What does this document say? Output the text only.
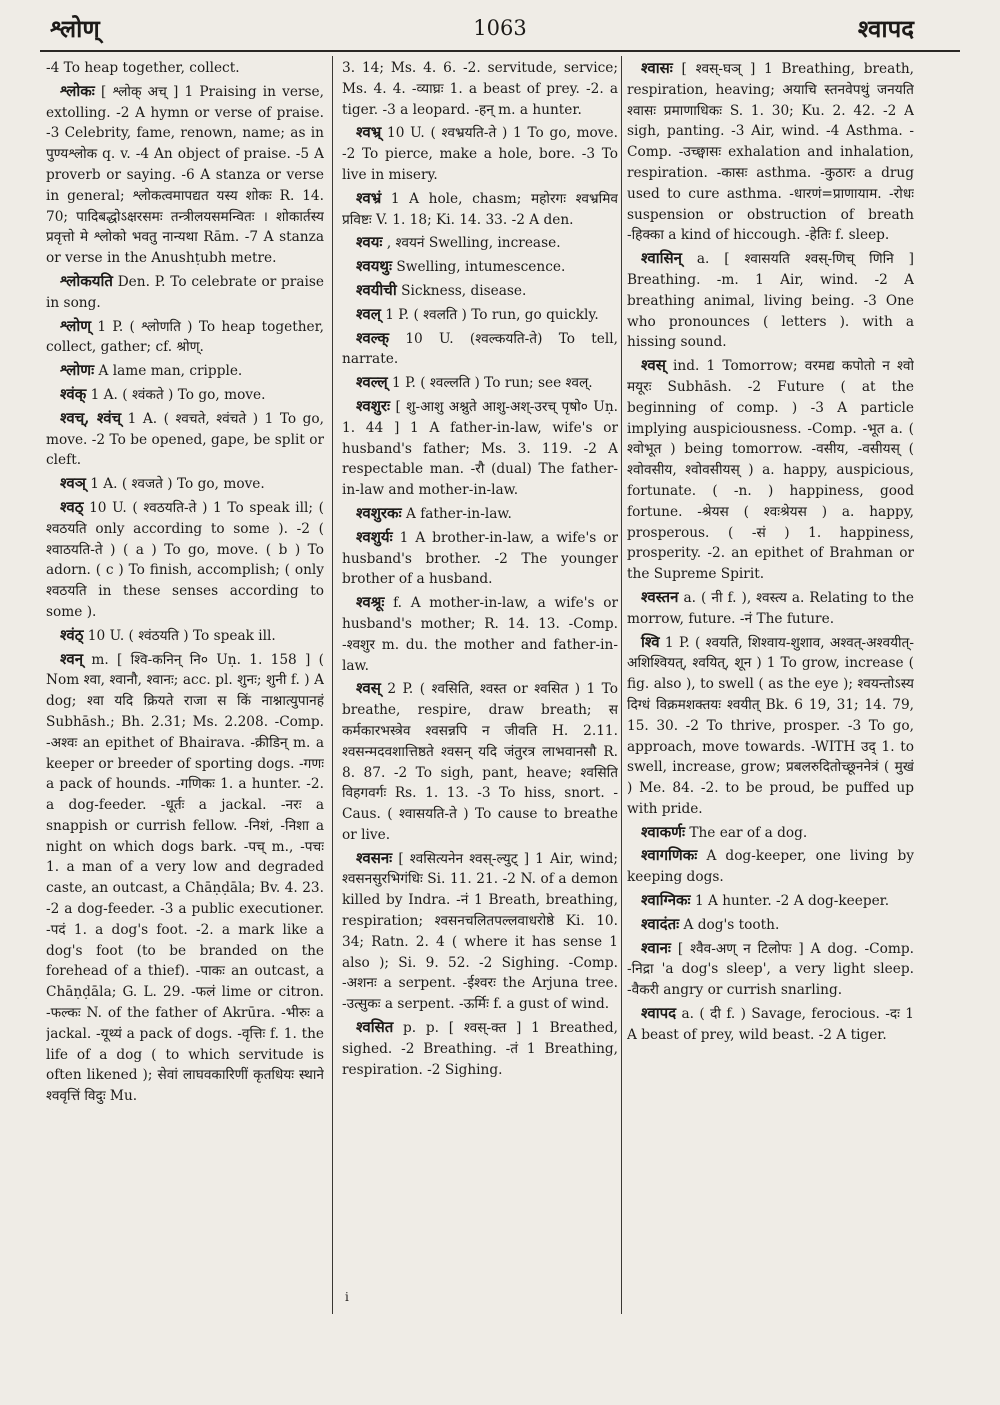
श्लोण्	1063	श्वापद
-4 To heap together, collect.
श्लोकः [ श्लोक् अच् ] 1 Praising in verse, extolling. -2 A hymn or verse of praise. -3 Celebrity, fame, renown, name; as in पुण्यश्लोक q. v. -4 An object of praise. -5 A proverb or saying. -6 A stanza or verse in general; श्लोकत्वमापद्यत यस्य शोकः R. 14. 70; पादिबद्धोऽक्षरसमः तन्त्रीलयसमन्वितः । शोकार्तस्य प्रवृत्तो मे श्लोको भवतु नान्यथा Rām. -7 A stanza or verse in the Anushṭubh metre.
श्लोकयति Den. P. To celebrate or praise in song.
श्लोण् 1 P. ( श्लोणति ) To heap together, collect, gather; cf. श्रोण्.
श्लोणः A lame man, cripple.
श्वंक् 1 A. ( श्वंकते ) To go, move.
श्वच्, श्वंच् 1 A. ( श्वचते, श्वंचते ) 1 To go, move. -2 To be opened, gape, be split or cleft.
श्वञ् 1 A. ( श्वजते ) To go, move.
श्वठ् 10 U. ( श्वठयति-ते ) 1 To speak ill; ( श्वठयति only according to some ). -2 ( श्वाठयति-ते ) ( a ) To go, move. ( b ) To adorn. ( c ) To finish, accomplish; ( only श्वठयति in these senses according to some ).
श्वंठ् 10 U. ( श्वंठयति ) To speak ill.
श्वन् m. [ श्वि-कनिन् नि० Uṇ. 1. 158 ] ( Nom श्वा, श्वानौ, श्वानः; acc. pl. शुनः; शुनी f. ) A dog; श्वा यदि क्रियते राजा स किं नाश्नात्युपानहं Subhāsh.; Bh. 2.31; Ms. 2.208. -Comp. -अश्वः an epithet of Bhairava. -क्रीडिन् m. a keeper or breeder of sporting dogs. -गणः a pack of hounds. -गणिकः 1. a hunter. -2. a dog-feeder. -धूर्तः a jackal. -नरः a snappish or currish fellow. -निशं, -निशा a night on which dogs bark. -पच् m., -पचः 1. a man of a very low and degraded caste, an outcast, a Chāṇḍāla; Bv. 4. 23. -2 a dog-feeder. -3 a public executioner. -पदं 1. a dog's foot. -2. a mark like a dog's foot (to be branded on the forehead of a thief). -पाकः an outcast, a Chāṇḍāla; G. L. 29. -फलं lime or citron. -फल्कः N. of the father of Akrūra. -भीरुः a jackal. -यूथ्यं a pack of dogs. -वृत्तिः f. 1. the life of a dog ( to which servitude is often likened ); सेवां लाघवकारिणीं कृतधियः स्थाने श्ववृत्तिं विदुः Mu.
3. 14; Ms. 4. 6. -2. servitude, service; Ms. 4. 4. -व्याघ्रः 1. a beast of prey. -2. a tiger. -3 a leopard. -हन् m. a hunter.
श्वभ्र् 10 U. ( श्वभ्रयति-ते ) 1 To go, move. -2 To pierce, make a hole, bore. -3 To live in misery.
श्वभ्रं 1 A hole, chasm; महोरगः श्वभ्रमिव प्रविष्टः V. 1. 18; Ki. 14. 33. -2 A den.
श्वयः , श्वयनं Swelling, increase.
श्वयथुः Swelling, intumescence.
श्वयीची Sickness, disease.
श्वल् 1 P. ( श्वलति ) To run, go quickly.
श्वल्क् 10 U. (श्वल्कयति-ते) To tell, narrate.
श्वल्ल् 1 P. ( श्वल्लति ) To run; see श्वल्.
श्वशुरः [ शु-आशु अश्नुते आशु-अश्-उरच् पृषो० Uṇ. 1. 44 ] 1 A father-in-law, wife's or husband's father; Ms. 3. 119. -2 A respectable man. -रौ (dual) The father-in-law and mother-in-law.
श्वशुरकः A father-in-law.
श्वशुर्यः 1 A brother-in-law, a wife's or husband's brother. -2 The younger brother of a husband.
श्वश्रूः f. A mother-in-law, a wife's or husband's mother; R. 14. 13. -Comp. -श्वशुर m. du. the mother and father-in-law.
श्वस् 2 P. ( श्वसिति, श्वस्त or श्वसित ) 1 To breathe, respire, draw breath; स कर्मकारभस्त्रेव श्वसन्नपि न जीवति H. 2.11. श्वसन्मदवशात्तिष्ठते श्वसन् यदि जंतुरत्र लाभवानसौ R. 8. 87. -2 To sigh, pant, heave; श्वसिति विहगवर्गः Rs. 1. 13. -3 To hiss, snort. -Caus. ( श्वासयति-ते ) To cause to breathe or live.
श्वसनः [ श्वसित्यनेन श्वस्-ल्युट् ] 1 Air, wind; श्वसनसुरभिगंधिः Si. 11. 21. -2 N. of a demon killed by Indra. -नं 1 Breath, breathing, respiration; श्वसनचलितपल्लवाधरोष्ठे Ki. 10. 34; Ratn. 2. 4 ( where it has sense 1 also ); Si. 9. 52. -2 Sighing. -Comp. -अशनः a serpent. -ईश्वरः the Arjuna tree. -उत्सुकः a serpent. -ऊर्मिः f. a gust of wind.
श्वसित p. p. [ श्वस्-क्त ] 1 Breathed, sighed. -2 Breathing. -तं 1 Breathing, respiration. -2 Sighing.
श्वासः [ श्वस्-घञ् ] 1 Breathing, breath, respiration, heaving; अयाचि स्तनवेपथुं जनयति श्वासः प्रमाणाधिकः S. 1. 30; Ku. 2. 42. -2 A sigh, panting. -3 Air, wind. -4 Asthma. -Comp. -उच्छ्वासः exhalation and inhalation, respiration. -कासः asthma. -कुठारः a drug used to cure asthma. -धारणं=प्राणायाम. -रोधः suspension or obstruction of breath -हिक्का a kind of hiccough. -हेतिः f. sleep.
श्वासिन् a. [ श्वासयति श्वस्-णिच् णिनि ] Breathing. -m. 1 Air, wind. -2 A breathing animal, living being. -3 One who pronounces ( letters ). with a hissing sound.
श्वस् ind. 1 Tomorrow; वरमद्य कपोतो न श्वो मयूरः Subhāsh. -2 Future ( at the beginning of comp. ) -3 A particle implying auspiciousness. -Comp. -भूत a. ( श्वोभूत ) being tomorrow. -वसीय, -वसीयस् ( श्वोवसीय, श्वोवसीयस् ) a. happy, auspicious, fortunate. ( -n. ) happiness, good fortune. -श्रेयस ( श्वःश्रेयस ) a. happy, prosperous. ( -सं ) 1. happiness, prosperity. -2. an epithet of Brahman or the Supreme Spirit.
श्वस्तन a. ( नी f. ), श्वस्त्य a. Relating to the morrow, future. -नं The future.
श्वि 1 P. ( श्वयति, शिश्वाय-शुशाव, अश्वत्-अश्वयीत्-अशिश्वियत्, श्वयित्, शून ) 1 To grow, increase ( fig. also ), to swell ( as the eye ); श्वयन्तोऽस्य दिग्धं विक्रमशक्तयः श्वयीत् Bk. 6 19, 31; 14. 79, 15. 30. -2 To thrive, prosper. -3 To go, approach, move towards. -WITH उद् 1. to swell, increase, grow; प्रबलरुदितोच्छूननेत्रं ( मुखं ) Me. 84. -2. to be proud, be puffed up with pride.
श्वाकर्णः The ear of a dog.
श्वागणिकः A dog-keeper, one living by keeping dogs.
श्वाग्निकः 1 A hunter. -2 A dog-keeper.
श्वादंतः A dog's tooth.
श्वानः [ श्वैव-अण् न टिलोपः ] A dog. -Comp. -निद्रा 'a dog's sleep', a very light sleep. -वैकरी angry or currish snarling.
श्वापद a. ( दी f. ) Savage, ferocious. -दः 1 A beast of prey, wild beast. -2 A tiger.
i
